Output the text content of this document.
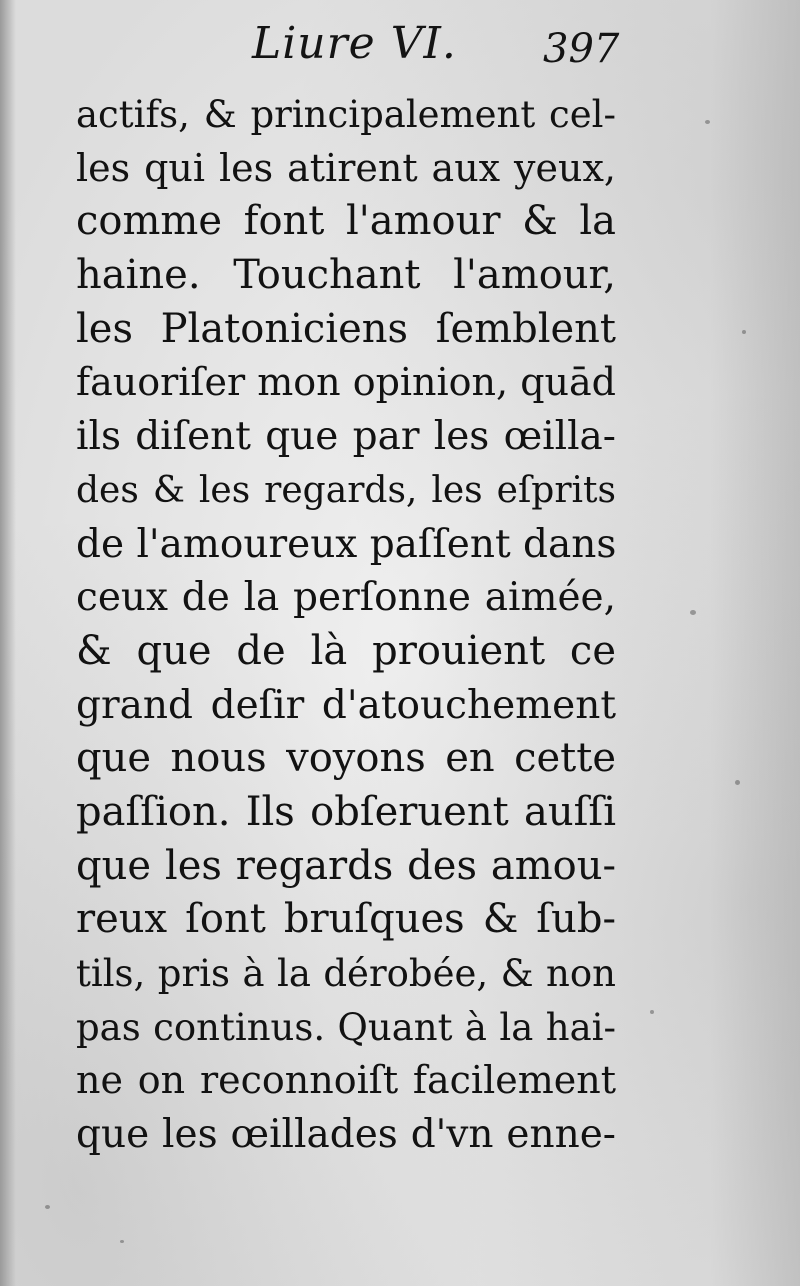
Liure VI. 397
actifs, & principalement cel-
les qui les atirent aux yeux,
comme font l'amour & la
haine. Touchant l'amour,
les Platoniciens ſemblent
fauoriſer mon opinion, quād
ils diſent que par les œilla-
des & les regards, les eſprits
de l'amoureux paſſent dans
ceux de la perſonne aimée,
& que de là prouient ce
grand deſir d'atouchement
que nous voyons en cette
paſſion. Ils obſeruent auſſi
que les regards des amou-
reux ſont bruſques & ſub-
tils, pris à la dérobée, & non
pas continus. Quant à la hai-
ne on reconnoiſt facilement
que les œillades d'vn enne-
